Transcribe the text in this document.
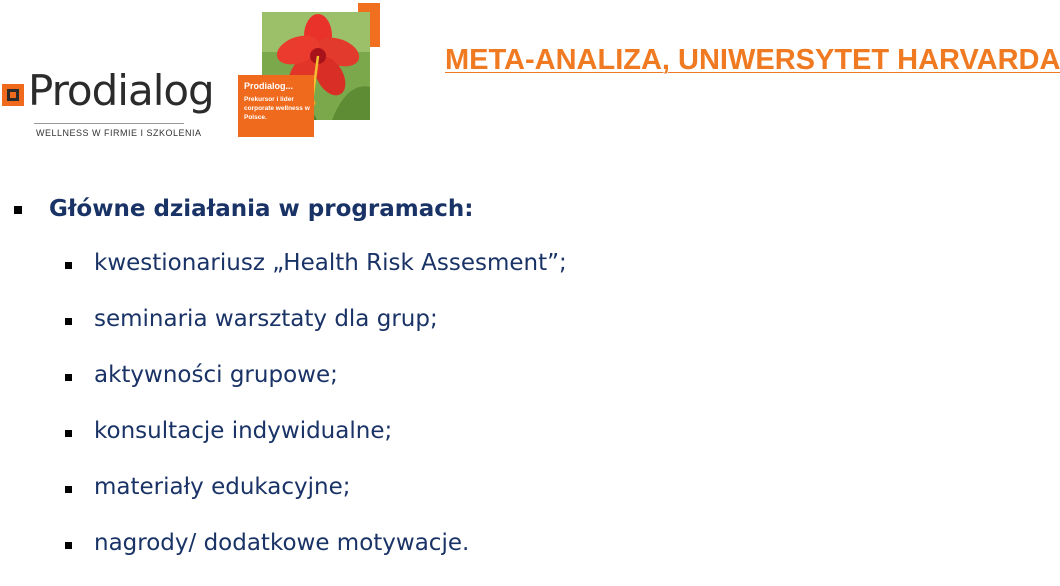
Prodialog
WELLNESS W FIRMIE I SZKOLENIA
Prodialog...
Prekursor i lider corporate wellness w Polsce.
META-ANALIZA, UNIWERSYTET HARVARDA
Główne działania w programach:
kwestionariusz „Health Risk Assesment”;
seminaria warsztaty dla grup;
aktywności grupowe;
konsultacje indywidualne;
materiały edukacyjne;
nagrody/ dodatkowe motywacje.
